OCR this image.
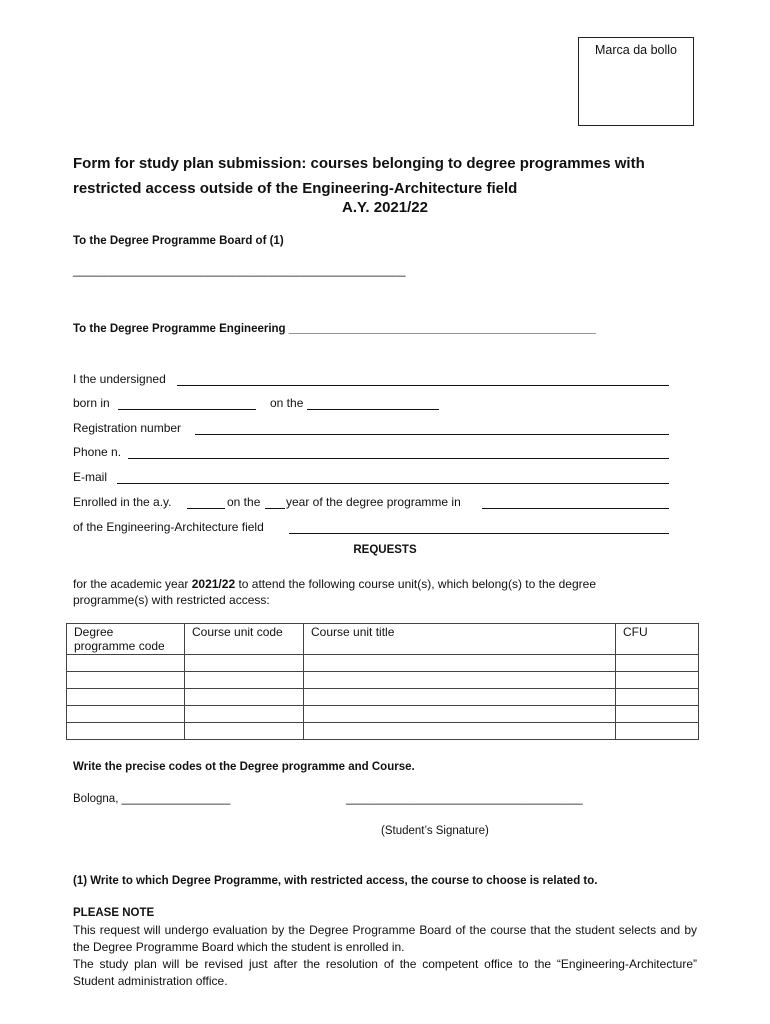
Marca da bollo
Form for study plan submission: courses belonging to degree programmes with
restricted access outside of the Engineering-Architecture field
A.Y. 2021/22
To the Degree Programme Board of (1)
____________________________________________________
To the Degree Programme Engineering ________________________________________________
I the undersigned
born in	on the
Registration number
Phone n.
E-mail
Enrolled in the a.y.	on the year of the degree programme in
of the Engineering-Architecture field
REQUESTS
for the academic year 2021/22 to attend the following course unit(s), which belong(s) to the degree
programme(s) with restricted access:
Degree programme code	Course unit code	Course unit title	CFU

Write the precise codes ot the Degree programme and Course.
Bologna, _________________	_____________________________________
(Student’s Signature)
(1) Write to which Degree Programme, with restricted access, the course to choose is related to.
PLEASE NOTE
This request will undergo evaluation by the Degree Programme Board of the course that the student selects and by the Degree Programme Board which the student is enrolled in.
The study plan will be revised just after the resolution of the competent office to the “Engineering-Architecture” Student administration office.
